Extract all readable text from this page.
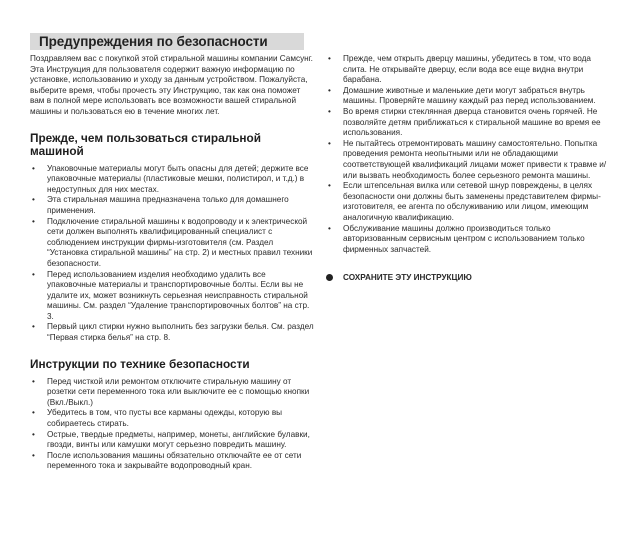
Предупреждения по безопасности

Поздравляем вас с покупкой этой стиральной машины компании Самсунг. Эта Инструкция для пользователя содержит важную информацию по установке, использованию и уходу за данным устройством. Пожалуйста, выберите время, чтобы прочесть эту Инструкцию, так как она поможет вам в полной мере использовать все возможности вашей стиральной машины и пользоваться ею в течение многих лет.

Прежде, чем пользоваться стиральной машиной
• Упаковочные материалы могут быть опасны для детей; держите все упаковочные материалы (пластиковые мешки, полистирол, и т.д.) в недоступных для них местах.
• Эта стиральная машина предназначена только для домашнего применения.
• Подключение стиральной машины к водопроводу и к электрической сети должен выполнять квалифицированный специалист с соблюдением инструкции фирмы-изготовителя (см. Раздел “Установка стиральной машины” на стр. 2) и местных правил техники безопасности.
• Перед использованием изделия необходимо удалить все упаковочные материалы и транспортировочные болты. Если вы не удалите их, может возникнуть серьезная неисправность стиральной машины. См. раздел “Удаление транспортировочных болтов” на стр. 3.
• Первый цикл стирки нужно выполнить без загрузки белья. См. раздел “Первая стирка белья” на стр. 8.
Инструкции по технике безопасности
• Перед чисткой или ремонтом отключите стиральную машину от розетки сети переменного тока или выключите ее с помощью кнопки (Вкл./Выкл.)
• Убедитесь в том, что пусты все карманы одежды, которую вы собираетесь стирать.
• Острые, твердые предметы, например, монеты, английские булавки, гвозди, винты или камушки могут серьезно повредить машину.
• После использования машины обязательно отключайте ее от сети переменного тока и закрывайте водопроводный кран.
• Прежде, чем открыть дверцу машины, убедитесь в том, что вода слита. Не открывайте дверцу, если вода все еще видна внутри барабана.
• Домашние животные и маленькие дети могут забраться внутрь машины. Проверяйте машину каждый раз перед использованием.
• Во время стирки стеклянная дверца становится очень горячей. Не позволяйте детям приближаться к стиральной машине во время ее использования.
• Не пытайтесь отремонтировать машину самостоятельно. Попытка проведения ремонта неопытными или не обладающими соответствующей квалификаций лицами может привести к травме и/или вызвать необходимость более серьезного ремонта машины.
• Если штепсельная вилка или сетевой шнур повреждены, в целях безопасности они должны быть заменены представителем фирмы-изготовителя, ее агента по обслуживанию или лицом, имеющим аналогичную квалификацию.
• Обслуживание машины должно производиться только авторизованным сервисным центром с использованием только фирменных запчастей.
СОХРАНИТЕ ЭТУ ИНСТРУКЦИЮ
